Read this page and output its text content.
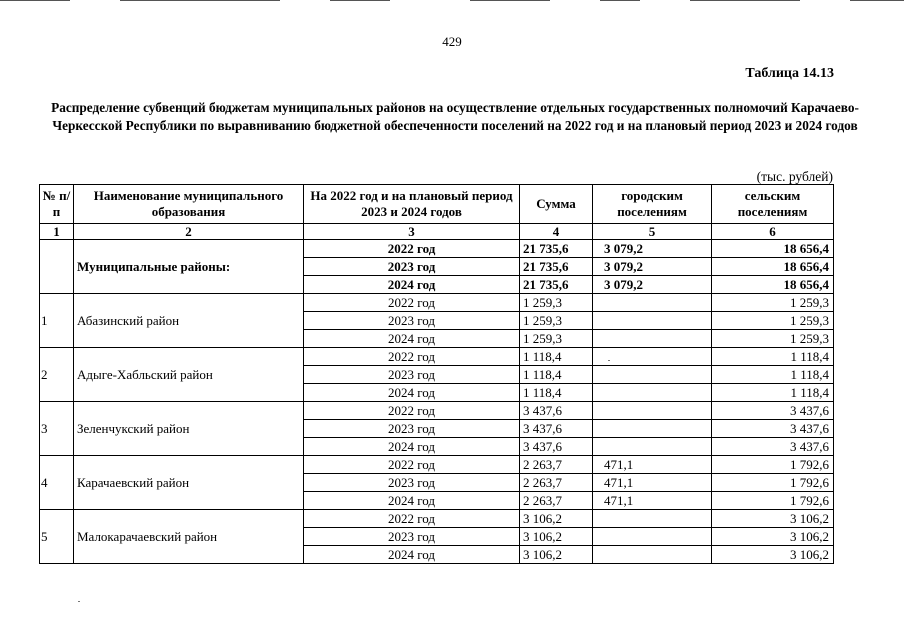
429
Таблица 14.13
Распределение субвенций бюджетам муниципальных районов на осуществление отдельных государственных полномочий Карачаево-Черкесской Республики по выравниванию бюджетной обеспеченности поселений на 2022 год и на плановый период 2023 и 2024 годов
(тыс. рублей)
№ п/п	Наименование муниципального образования	На 2022 год и на плановый период 2023 и 2024 годов	Сумма	городским поселениям	сельским поселениям
1	2	3	4	5	6
	Муниципальные районы:	2022 год	21 735,6	3 079,2	18 656,4
		2023 год	21 735,6	3 079,2	18 656,4
		2024 год	21 735,6	3 079,2	18 656,4
1	Абазинский район	2022 год	1 259,3		1 259,3
		2023 год	1 259,3		1 259,3
		2024 год	1 259,3		1 259,3
2	Адыге-Хабльский район	2022 год	1 118,4		1 118,4
		2023 год	1 118,4		1 118,4
		2024 год	1 118,4		1 118,4
3	Зеленчукский район	2022 год	3 437,6		3 437,6
		2023 год	3 437,6		3 437,6
		2024 год	3 437,6		3 437,6
4	Карачаевский район	2022 год	2 263,7	471,1	1 792,6
		2023 год	2 263,7	471,1	1 792,6
		2024 год	2 263,7	471,1	1 792,6
5	Малокарачаевский район	2022 год	3 106,2		3 106,2
		2023 год	3 106,2		3 106,2
		2024 год	3 106,2		3 106,2
